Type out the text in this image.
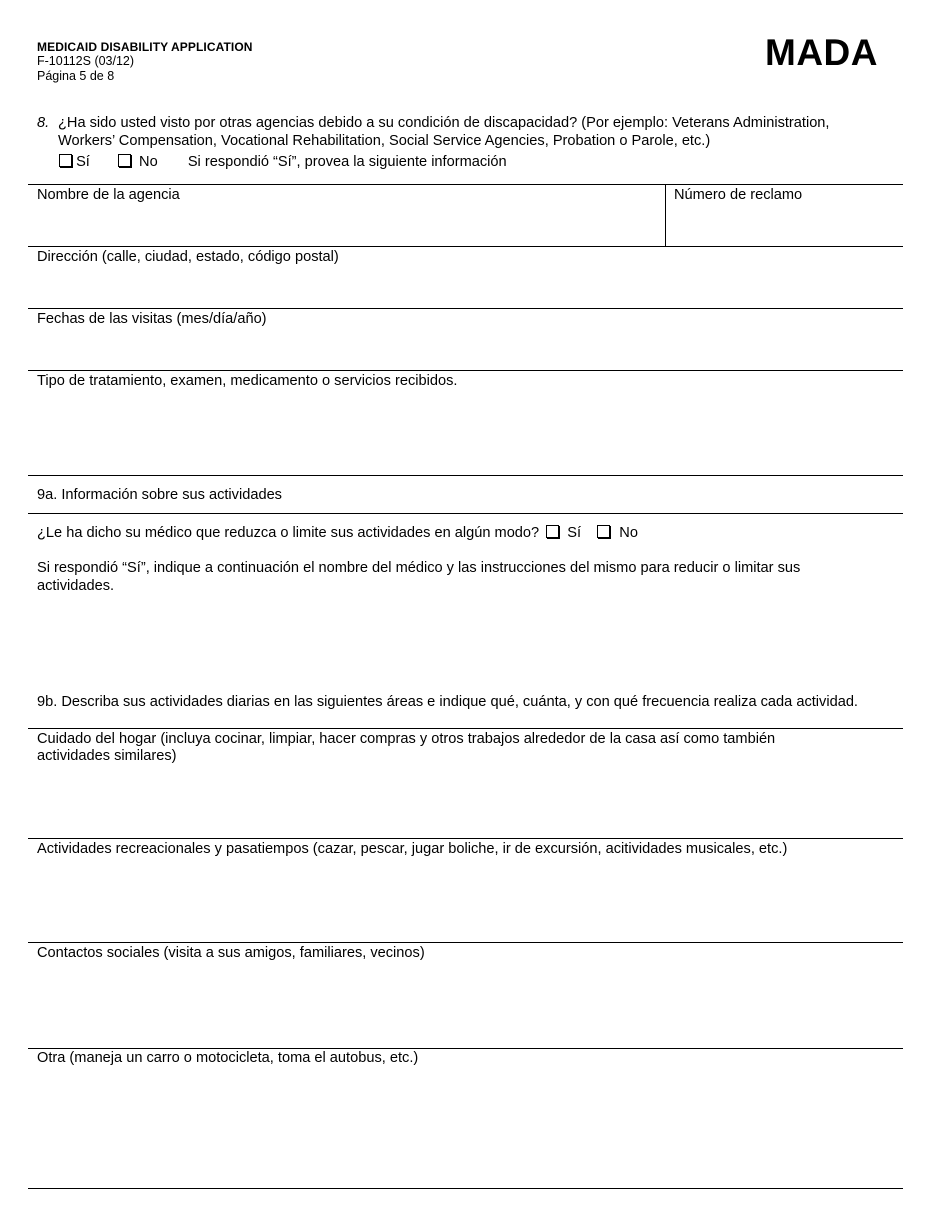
MEDICAID DISABILITY APPLICATION
F-10112S (03/12)
Página 5 de 8
MADA
8. ¿Ha sido usted visto por otras agencias debido a su condición de discapacidad? (Por ejemplo: Veterans Administration,
Workers’ Compensation, Vocational Rehabilitation, Social Service Agencies, Probation o Parole, etc.)
Sí	No Si respondió “Sí”, provea la siguiente información
Nombre de la agencia	Número de reclamo
Dirección (calle, ciudad, estado, código postal)
Fechas de las visitas (mes/día/año)
Tipo de tratamiento, examen, medicamento o servicios recibidos.
9a. Información sobre sus actividades
¿Le ha dicho su médico que reduzca o limite sus actividades en algún modo? Sí	No
Si respondió “Sí”, indique a continuación el nombre del médico y las instrucciones del mismo para reducir o limitar sus
actividades.
9b. Describa sus actividades diarias en las siguientes áreas e indique qué, cuánta, y con qué frecuencia realiza cada actividad.
Cuidado del hogar (incluya cocinar, limpiar, hacer compras y otros trabajos alrededor de la casa así como también
actividades similares)
Actividades recreacionales y pasatiempos (cazar, pescar, jugar boliche, ir de excursión, acitividades musicales, etc.)
Contactos sociales (visita a sus amigos, familiares, vecinos)
Otra (maneja un carro o motocicleta, toma el autobus, etc.)
